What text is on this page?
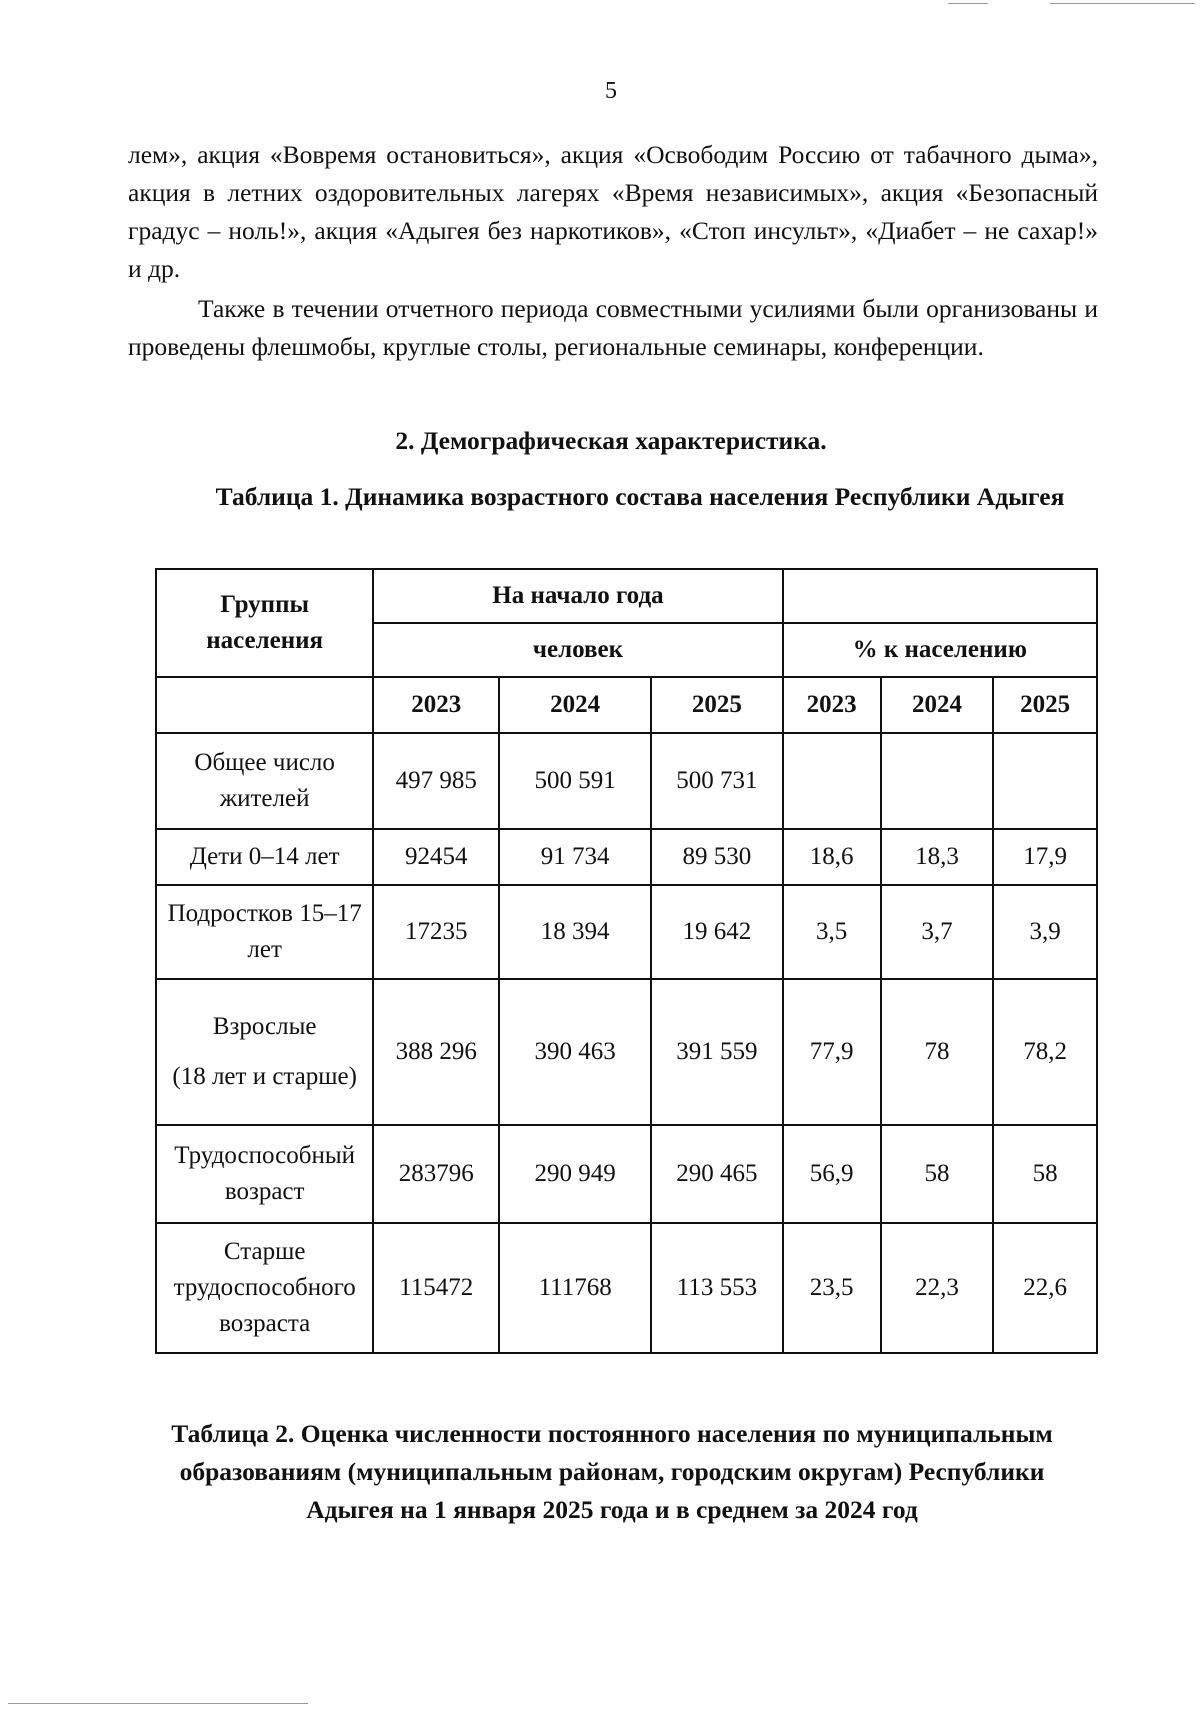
5

лем», акция «Вовремя остановиться», акция «Освободим Россию от табачного дыма», акция в летних оздоровительных лагерях «Время независимых», акция «Безопасный градус – ноль!», акция «Адыгея без наркотиков», «Стоп инсульт», «Диабет – не сахар!» и др.

Также в течении отчетного периода совместными усилиями были организованы и проведены флешмобы, круглые столы, региональные семинары, конференции.

2. Демографическая характеристика.
Таблица 1. Динамика возрастного состава населения Республики Адыгея
Группы населения	На начало года					
	человек			% к населению		
	2023	2024	2025	2023	2024	2025
Общее число жителей	497 985	500 591	500 731			
Дети 0–14 лет	92454	91 734	89 530	18,6	18,3	17,9
Подростков 15–17 лет	17235	18 394	19 642	3,5	3,7	3,9

Взрослые
(18 лет и старше)	388 296	390 463	391 559	77,9	78	78,2
Трудоспособный возраст	283796	290 949	290 465	56,9	58	58
Старше трудоспособного возраста	115472	111768	113 553	23,5	22,3	22,6
Таблица 2. Оценка численности постоянного населения по муниципальным образованиям (муниципальным районам, городским округам) Республики Адыгея на 1 января 2025 года и в среднем за 2024 год
